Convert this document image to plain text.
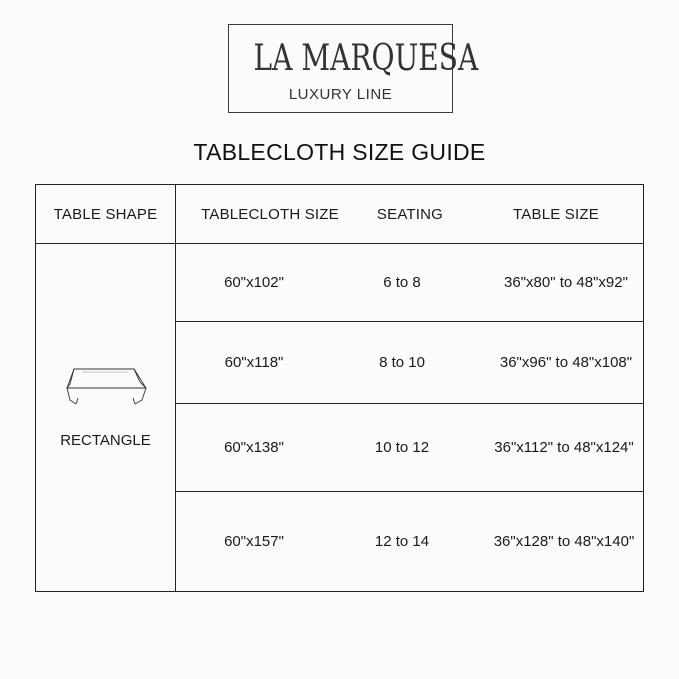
LA MARQUESA
LUXURY LINE
TABLECLOTH SIZE GUIDE
TABLE SHAPE	TABLECLOTH SIZE	SEATING	TABLE SIZE
RECTANGLE
60"x102"	6 to 8	36"x80" to 48"x92"
60"x118"	8 to 10	36"x96" to 48"x108"
60"x138"	10 to 12	36"x112" to 48"x124"
60"x157"	12 to 14	36"x128" to 48"x140"
